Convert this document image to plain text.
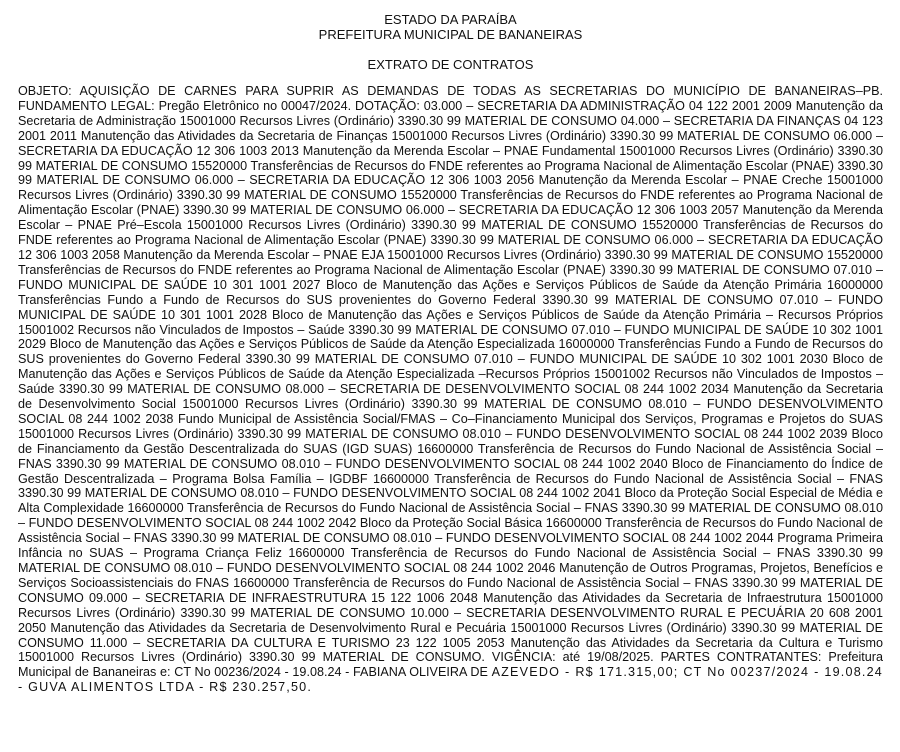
ESTADO DA PARAÍBA
PREFEITURA MUNICIPAL DE BANANEIRAS
EXTRATO DE CONTRATOS

OBJETO: AQUISIÇÃO DE CARNES PARA SUPRIR AS DEMANDAS DE TODAS AS SECRETARIAS DO MUNICÍPIO DE BANANEIRAS–PB. FUNDAMENTO LEGAL: Pregão Eletrônico no 00047/2024. DOTAÇÃO: 03.000 – SECRETARIA DA ADMINISTRAÇÃO 04 122 2001 2009 Manutenção da Secretaria de Administração 15001000 Recursos Livres (Ordinário) 3390.30 99 MATERIAL DE CONSUMO 04.000 – SECRETARIA DA FINANÇAS 04 123 2001 2011 Manutenção das Atividades da Secretaria de Finanças 15001000 Recursos Livres (Ordinário) 3390.30 99 MATERIAL DE CONSUMO 06.000 – SECRETARIA DA EDUCAÇÃO 12 306 1003 2013 Manutenção da Merenda Escolar – PNAE Fundamental 15001000 Recursos Livres (Ordinário) 3390.30 99 MATERIAL DE CONSUMO 15520000 Transferências de Recursos do FNDE referentes ao Programa Nacional de Alimentação Escolar (PNAE) 3390.30 99 MATERIAL DE CONSUMO 06.000 – SECRETARIA DA EDUCAÇÃO 12 306 1003 2056 Manutenção da Merenda Escolar – PNAE Creche 15001000 Recursos Livres (Ordinário) 3390.30 99 MATERIAL DE CONSUMO 15520000 Transferências de Recursos do FNDE referentes ao Programa Nacional de Alimentação Escolar (PNAE) 3390.30 99 MATERIAL DE CONSUMO 06.000 – SECRETARIA DA EDUCAÇÃO 12 306 1003 2057 Manutenção da Merenda Escolar – PNAE Pré–Escola 15001000 Recursos Livres (Ordinário) 3390.30 99 MATERIAL DE CONSUMO 15520000 Transferências de Recursos do FNDE referentes ao Programa Nacional de Alimentação Escolar (PNAE) 3390.30 99 MATERIAL DE CONSUMO 06.000 – SECRETARIA DA EDUCAÇÃO 12 306 1003 2058 Manutenção da Merenda Escolar – PNAE EJA 15001000 Recursos Livres (Ordinário) 3390.30 99 MATERIAL DE CONSUMO 15520000 Transferências de Recursos do FNDE referentes ao Programa Nacional de Alimentação Escolar (PNAE) 3390.30 99 MATERIAL DE CONSUMO 07.010 – FUNDO MUNICIPAL DE SAÚDE 10 301 1001 2027 Bloco de Manutenção das Ações e Serviços Públicos de Saúde da Atenção Primária 16000000 Transferências Fundo a Fundo de Recursos do SUS provenientes do Governo Federal 3390.30 99 MATERIAL DE CONSUMO 07.010 – FUNDO MUNICIPAL DE SAÚDE 10 301 1001 2028 Bloco de Manutenção das Ações e Serviços Públicos de Saúde da Atenção Primária – Recursos Próprios 15001002 Recursos não Vinculados de Impostos – Saúde 3390.30 99 MATERIAL DE CONSUMO 07.010 – FUNDO MUNICIPAL DE SAÚDE 10 302 1001 2029 Bloco de Manutenção das Ações e Serviços Públicos de Saúde da Atenção Especializada 16000000 Transferências Fundo a Fundo de Recursos do SUS provenientes do Governo Federal 3390.30 99 MATERIAL DE CONSUMO 07.010 – FUNDO MUNICIPAL DE SAÚDE 10 302 1001 2030 Bloco de Manutenção das Ações e Serviços Públicos de Saúde da Atenção Especializada –Recursos Próprios 15001002 Recursos não Vinculados de Impostos – Saúde 3390.30 99 MATERIAL DE CONSUMO 08.000 – SECRETARIA DE DESENVOLVIMENTO SOCIAL 08 244 1002 2034 Manutenção da Secretaria de Desenvolvimento Social 15001000 Recursos Livres (Ordinário) 3390.30 99 MATERIAL DE CONSUMO 08.010 – FUNDO DESENVOLVIMENTO SOCIAL 08 244 1002 2038 Fundo Municipal de Assistência Social/FMAS – Co–Financiamento Municipal dos Serviços, Programas e Projetos do SUAS 15001000 Recursos Livres (Ordinário) 3390.30 99 MATERIAL DE CONSUMO 08.010 – FUNDO DESENVOLVIMENTO SOCIAL 08 244 1002 2039 Bloco de Financiamento da Gestão Descentralizada do SUAS (IGD SUAS) 16600000 Transferência de Recursos do Fundo Nacional de Assistência Social – FNAS 3390.30 99 MATERIAL DE CONSUMO 08.010 – FUNDO DESENVOLVIMENTO SOCIAL 08 244 1002 2040 Bloco de Financiamento do Índice de Gestão Descentralizada – Programa Bolsa Família – IGDBF 16600000 Transferência de Recursos do Fundo Nacional de Assistência Social – FNAS 3390.30 99 MATERIAL DE CONSUMO 08.010 – FUNDO DESENVOLVIMENTO SOCIAL 08 244 1002 2041 Bloco da Proteção Social Especial de Média e Alta Complexidade 16600000 Transferência de Recursos do Fundo Nacional de Assistência Social – FNAS 3390.30 99 MATERIAL DE CONSUMO 08.010 – FUNDO DESENVOLVIMENTO SOCIAL 08 244 1002 2042 Bloco da Proteção Social Básica 16600000 Transferência de Recursos do Fundo Nacional de Assistência Social – FNAS 3390.30 99 MATERIAL DE CONSUMO 08.010 – FUNDO DESENVOLVIMENTO SOCIAL 08 244 1002 2044 Programa Primeira Infância no SUAS – Programa Criança Feliz 16600000 Transferência de Recursos do Fundo Nacional de Assistência Social – FNAS 3390.30 99 MATERIAL DE CONSUMO 08.010 – FUNDO DESENVOLVIMENTO SOCIAL 08 244 1002 2046 Manutenção de Outros Programas, Projetos, Benefícios e Serviços Socioassistenciais do FNAS 16600000 Transferência de Recursos do Fundo Nacional de Assistência Social – FNAS 3390.30 99 MATERIAL DE CONSUMO 09.000 – SECRETARIA DE INFRAESTRUTURA 15 122 1006 2048 Manutenção das Atividades da Secretaria de Infraestrutura 15001000 Recursos Livres (Ordinário) 3390.30 99 MATERIAL DE CONSUMO 10.000 – SECRETARIA DESENVOLVIMENTO RURAL E PECUÁRIA 20 608 2001 2050 Manutenção das Atividades da Secretaria de Desenvolvimento Rural e Pecuária 15001000 Recursos Livres (Ordinário) 3390.30 99 MATERIAL DE CONSUMO 11.000 – SECRETARIA DA CULTURA E TURISMO 23 122 1005 2053 Manutenção das Atividades da Secretaria da Cultura e Turismo 15001000 Recursos Livres (Ordinário) 3390.30 99 MATERIAL DE CONSUMO. VIGÊNCIA: até 19/08/2025. PARTES CONTRATANTES: Prefeitura Municipal de Bananeiras e: CT No 00236/2024 - 19.08.24 - FABIANA OLIVEIRA DE AZEVEDO - R$ 171.315,00; CT No 00237/2024 - 19.08.24 - GUVA ALIMENTOS LTDA - R$ 230.257,50.
